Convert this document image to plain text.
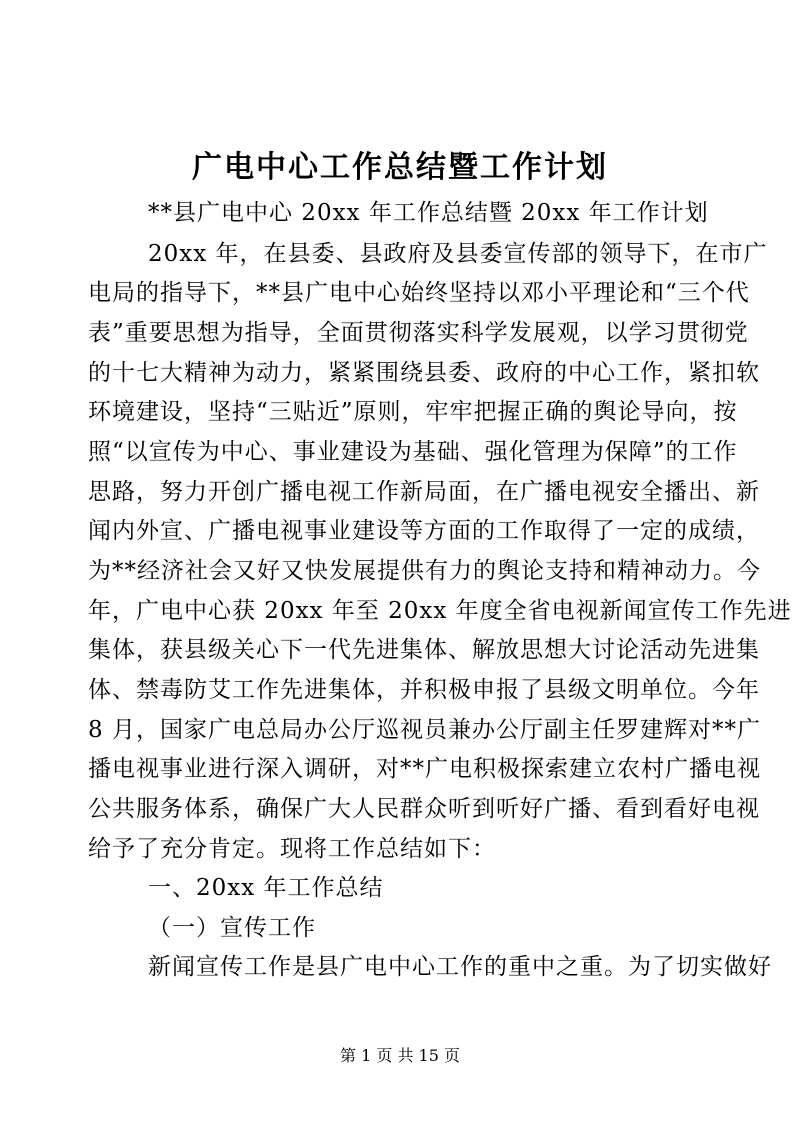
广电中心工作总结暨工作计划
**县广电中心 20xx 年工作总结暨 20xx 年工作计划
20xx 年，在县委、县政府及县委宣传部的领导下，在市广
电局的指导下，**县广电中心始终坚持以邓小平理论和“三个代
表”重要思想为指导，全面贯彻落实科学发展观，以学习贯彻党
的十七大精神为动力，紧紧围绕县委、政府的中心工作，紧扣软
环境建设，坚持“三贴近”原则，牢牢把握正确的舆论导向，按
照“以宣传为中心、事业建设为基础、强化管理为保障”的工作
思路，努力开创广播电视工作新局面，在广播电视安全播出、新
闻内外宣、广播电视事业建设等方面的工作取得了一定的成绩，
为**经济社会又好又快发展提供有力的舆论支持和精神动力。今
年，广电中心获 20xx 年至 20xx 年度全省电视新闻宣传工作先进
集体，获县级关心下一代先进集体、解放思想大讨论活动先进集
体、禁毒防艾工作先进集体，并积极申报了县级文明单位。今年
8 月，国家广电总局办公厅巡视员兼办公厅副主任罗建辉对**广
播电视事业进行深入调研，对**广电积极探索建立农村广播电视
公共服务体系，确保广大人民群众听到听好广播、看到看好电视
给予了充分肯定。现将工作总结如下：
一、20xx 年工作总结
（一）宣传工作
新闻宣传工作是县广电中心工作的重中之重。为了切实做好
第 1 页 共 15 页
